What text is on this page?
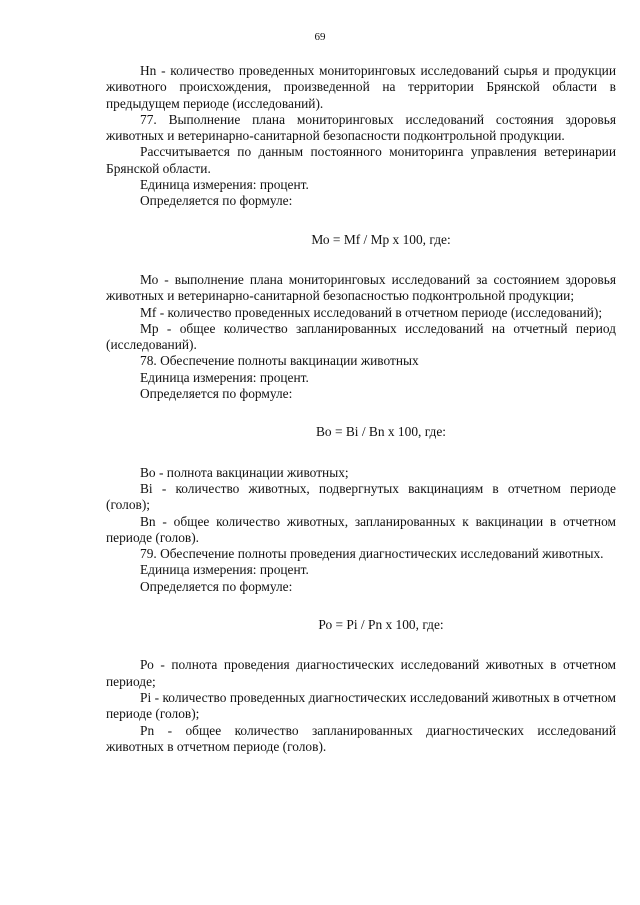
69

Нn - количество проведенных мониторинговых исследований сырья и продукции животного происхождения, произведенной на территории Брянской области в предыдущем периоде (исследований).

77. Выполнение плана мониторинговых исследований состояния здоровья животных и ветеринарно-санитарной безопасности подконтрольной продукции.

Рассчитывается по данным постоянного мониторинга управления ветеринарии Брянской области.

Единица измерения: процент.

Определяется по формуле:

Мо = Mf / Мр х 100, где:

Мо - выполнение плана мониторинговых исследований за состоянием здоровья животных и ветеринарно-санитарной безопасностью подконтрольной продукции;

Mf - количество проведенных исследований в отчетном периоде (исследований);

Мр - общее количество запланированных исследований на отчетный период (исследований).

78. Обеспечение полноты вакцинации животных

Единица измерения: процент.

Определяется по формуле:

Во = Bi / Bn х 100, где:

Во - полнота вакцинации животных;

Bi - количество животных, подвергнутых вакцинациям в отчетном периоде (голов);

Bn - общее количество животных, запланированных к вакцинации в отчетном периоде (голов).

79. Обеспечение полноты проведения диагностических исследований животных.

Единица измерения: процент.

Определяется по формуле:

Ро = Pi / Pn х 100, где:

Ро - полнота проведения диагностических исследований животных в отчетном периоде;

Pi - количество проведенных диагностических исследований животных в отчетном периоде (голов);

Pn - общее количество запланированных диагностических исследований животных в отчетном периоде (голов).
